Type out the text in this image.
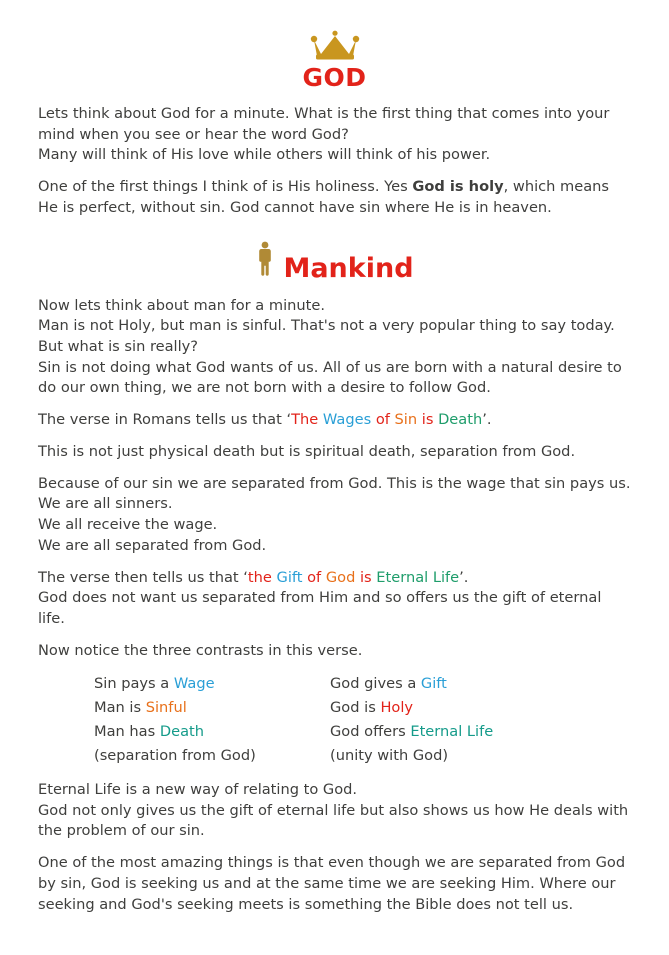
GOD

Lets think about God for a minute. What is the first thing that comes into your mind when you see or hear the word God?
Many will think of His love while others will think of his power.

One of the first things I think of is His holiness. Yes God is holy, which means He is perfect, without sin. God cannot have sin where He is in heaven.

Mankind

Now lets think about man for a minute.
Man is not Holy, but man is sinful. That's not a very popular thing to say today.
But what is sin really?
Sin is not doing what God wants of us. All of us are born with a natural desire to do our own thing, we are not born with a desire to follow God.

The verse in Romans tells us that ‘The Wages of Sin is Death’.

This is not just physical death but is spiritual death, separation from God.

Because of our sin we are separated from God. This is the wage that sin pays us.
We are all sinners.
We all receive the wage.
We are all separated from God.

The verse then tells us that ‘the Gift of God is Eternal Life’.
God does not want us separated from Him and so offers us the gift of eternal life.

Now notice the three contrasts in this verse.

Sin pays a Wage	God gives a Gift
Man is Sinful	God is Holy
Man has Death	God offers Eternal Life
(separation from God)	(unity with God)

Eternal Life is a new way of relating to God.
God not only gives us the gift of eternal life but also shows us how He deals with the problem of our sin.

One of the most amazing things is that even though we are separated from God by sin, God is seeking us and at the same time we are seeking Him. Where our seeking and God's seeking meets is something the Bible does not tell us.
